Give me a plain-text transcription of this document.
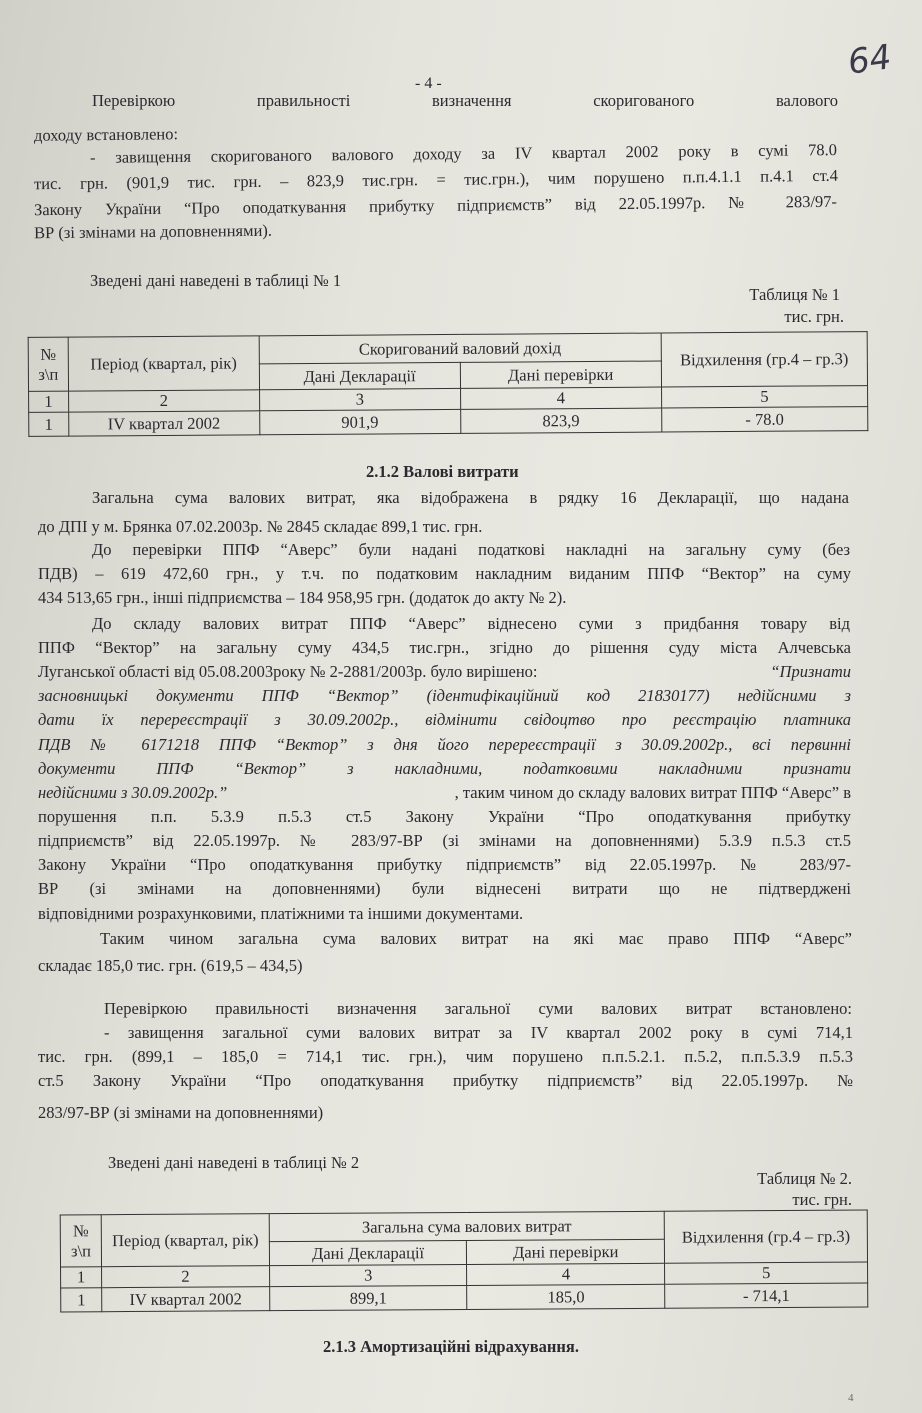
64
- 4 -
Перевіркою правильності визначення скоригованого валового
доходу встановлено:
- завищення скоригованого валового доходу за IV квартал 2002 року в сумі 78.0
тис. грн. (901,9 тис. грн. – 823,9 тис.грн. = тис.грн.), чим порушено п.п.4.1.1 п.4.1 ст.4
Закону України “Про оподаткування прибутку підприємств” від 22.05.1997р. № 283/97-
ВР (зі змінами на доповненнями).
Зведені дані наведені в таблиці № 1
Таблиця № 1
тис. грн.
№ з\п	Період (квартал, рік)	Скоригований валовий дохід		Відхилення (гр.4 – гр.3)
		Дані Декларації	Дані перевірки	
1	2	3	4	5
1	IV квартал 2002	901,9	823,9	- 78.0
2.1.2 Валові витрати
Загальна сума валових витрат, яка відображена в рядку 16 Декларації, що надана
до ДПІ у м. Брянка 07.02.2003р. № 2845 складає 899,1 тис. грн.
До перевірки ППФ “Аверс” були надані податкові накладні на загальну суму (без
ПДВ) – 619 472,60 грн., у т.ч. по податковим накладним виданим ППФ “Вектор” на суму
434 513,65 грн., інші підприємства – 184 958,95 грн. (додаток до акту № 2).
До складу валових витрат ППФ “Аверс” віднесено суми з придбання товару від
ППФ “Вектор” на загальну суму 434,5 тис.грн., згідно до рішення суду міста Алчевська
Луганської області від 05.08.2003року № 2-2881/2003р. було вирішено:	“Признати
засновницькі документи ППФ “Вектор” (ідентифікаційний код 21830177) недійсними з
дати їх перереєстрації з 30.09.2002р., відмінити свідоцтво про реєстрацію платника
ПДВ № 6171218 ППФ “Вектор” з дня його перереєстрації з 30.09.2002р., всі первинні
документи ППФ “Вектор” з накладними, податковими накладними признати
недійсними з 30.09.2002р.”	, таким чином до складу валових витрат ППФ “Аверс” в
порушення п.п. 5.3.9 п.5.3 ст.5 Закону України “Про оподаткування прибутку
підприємств” від 22.05.1997р. № 283/97-ВР (зі змінами на доповненнями) 5.3.9 п.5.3 ст.5
Закону України “Про оподаткування прибутку підприємств” від 22.05.1997р. № 283/97-
ВР (зі змінами на доповненнями) були віднесені витрати що не підтверджені
відповідними розрахунковими, платіжними та іншими документами.
Таким чином загальна сума валових витрат на які має право ППФ “Аверс”
складає 185,0 тис. грн. (619,5 – 434,5)
Перевіркою правильності визначення загальної суми валових витрат встановлено:
- завищення загальної суми валових витрат за IV квартал 2002 року в сумі 714,1
тис. грн. (899,1 – 185,0 = 714,1 тис. грн.), чим порушено п.п.5.2.1. п.5.2, п.п.5.3.9 п.5.3
ст.5 Закону України “Про оподаткування прибутку підприємств” від 22.05.1997р. №
283/97-ВР (зі змінами на доповненнями)
Зведені дані наведені в таблиці № 2
Таблиця № 2.
тис. грн.
№ з\п	Період (квартал, рік)	Загальна сума валових витрат		Відхилення (гр.4 – гр.3)
		Дані Декларації	Дані перевірки	
1	2	3	4	5
1	IV квартал 2002	899,1	185,0	- 714,1
2.1.3 Амортизаційні відрахування.
4
